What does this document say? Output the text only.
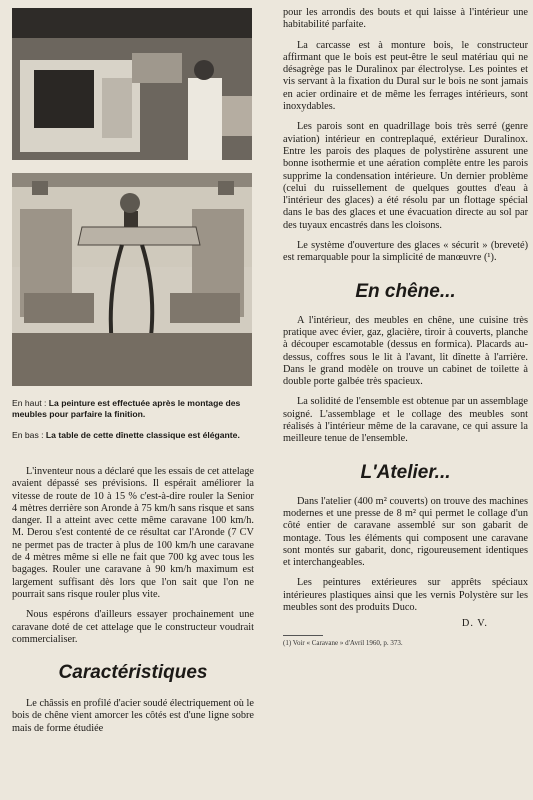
En haut : La peinture est effectuée après le montage des meubles pour parfaire la finition.
En bas : La table de cette dînette classique est élégante.

L'inventeur nous a déclaré que les essais de cet attelage avaient dépassé ses prévisions. Il espérait améliorer la vitesse de route de 10 à 15 % c'est-à-dire rouler la Senior 4 mètres derrière son Aronde à 75 km/h sans risque et sans danger. Il a atteint avec cette même caravane 100 km/h. M. Derou s'est contenté de ce résultat car l'Aronde (7 CV ne permet pas de tracter à plus de 100 km/h une caravane de 4 mètres même si elle ne fait que 700 kg avec tous les bagages. Rouler une caravane à 90 km/h maximum est largement suffisant dès lors que l'on sait que l'on ne pourrait sans risque rouler plus vite.

Nous espérons d'ailleurs essayer prochainement une caravane doté de cet attelage que le constructeur voudrait commercialiser.

Caractéristiques

Le châssis en profilé d'acier soudé électriquement où le bois de chêne vient amorcer les côtés est d'une ligne sobre mais de forme étudiée

pour les arrondis des bouts et qui laisse à l'intérieur une habitabilité parfaite.

La carcasse est à monture bois, le constructeur affirmant que le bois est peut-être le seul matériau qui ne désagrège pas le Duralinox par électrolyse. Les pointes et vis servant à la fixation du Dural sur le bois ne sont jamais en acier ordinaire et de même les ferrages intérieurs, sont inoxydables.

Les parois sont en quadrillage bois très serré (genre aviation) intérieur en contreplaqué, extérieur Duralinox. Entre les parois des plaques de polystirène assurent une bonne isothermie et une aération complète entre les parois supprime la condensation intérieure. Un dernier problème (celui du ruissellement de quelques gouttes d'eau à l'intérieur des glaces) a été résolu par un flottage spécial dans le bas des glaces et une évacuation directe au sol par des tuyaux encastrés dans les cloisons.

Le système d'ouverture des glaces « sécurit » (breveté) est remarquable pour la simplicité de manœuvre (¹).

En chêne...

A l'intérieur, des meubles en chêne, une cuisine très pratique avec évier, gaz, glacière, tiroir à couverts, planche à découper escamotable (dessus en formica). Placards au-dessus, coffres sous le lit à l'avant, lit dînette à l'arrière. Dans le grand modèle on trouve un cabinet de toilette à double porte galbée très spacieux.

La solidité de l'ensemble est obtenue par un assemblage soigné. L'assemblage et le collage des meubles sont réalisés à l'intérieur même de la caravane, ce qui assure la meilleure tenue de l'ensemble.

L'Atelier...

Dans l'atelier (400 m² couverts) on trouve des machines modernes et une presse de 8 m² qui permet le collage d'un côté entier de caravane assemblé sur son gabarit de montage. Tous les éléments qui composent une caravane sont montés sur gabarit, donc, rigoureusement identiques et interchangeables.

Les peintures extérieures sur apprêts spéciaux intérieures plastiques ainsi que les vernis Polystère sur les meubles sont des produits Duco.

D. V.
(1) Voir « Caravane » d'Avril 1960, p. 373.
